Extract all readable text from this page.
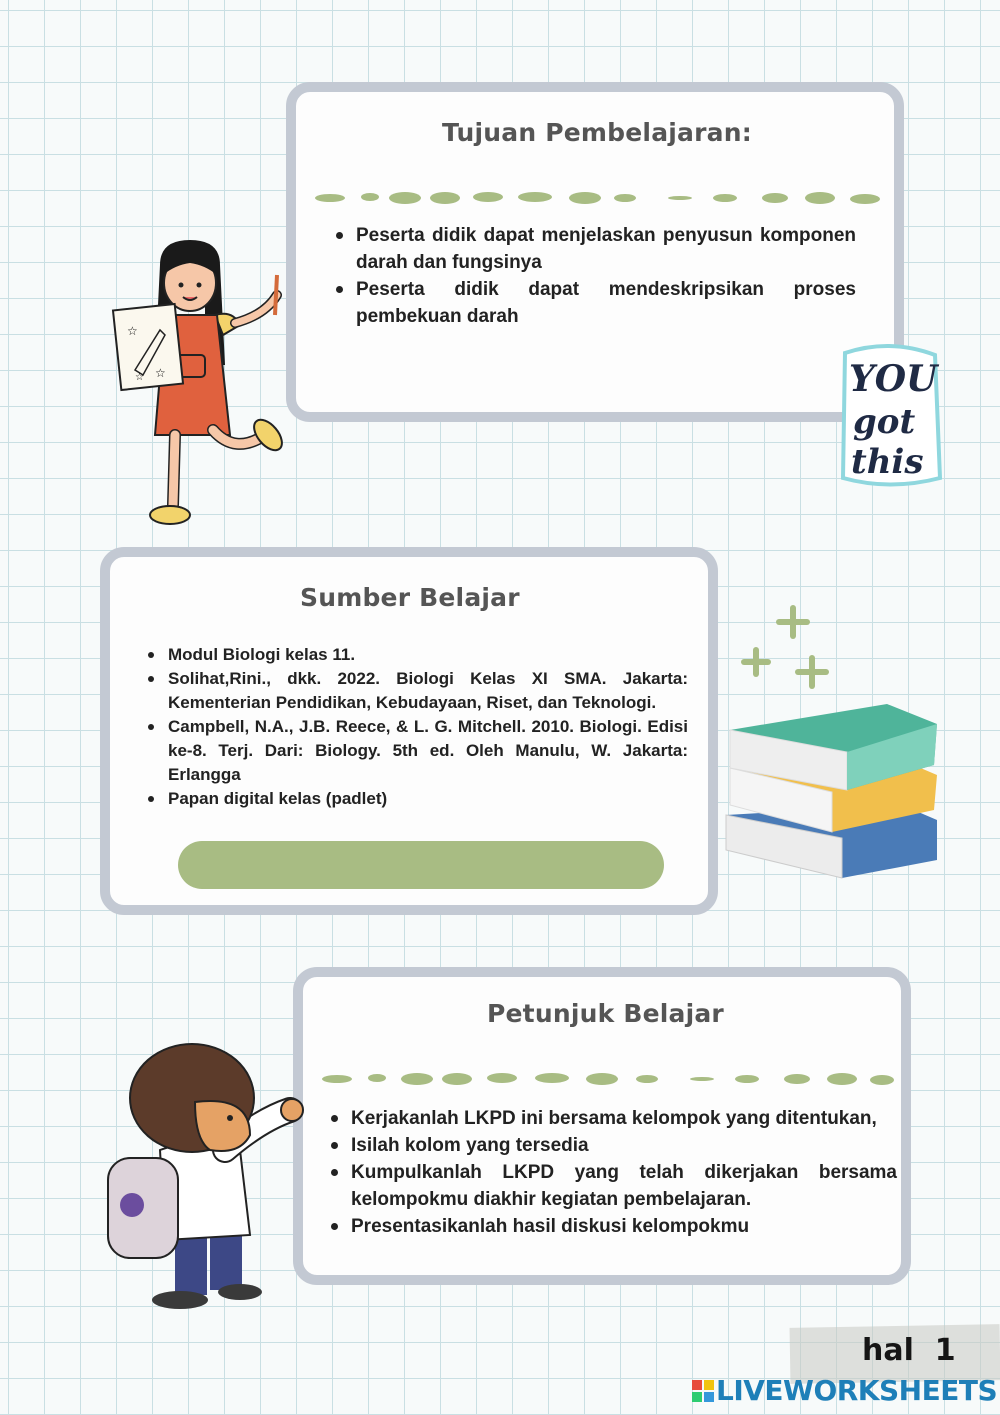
Tujuan Pembelajaran:
Peserta didik dapat menjelaskan penyusun komponen darah dan fungsinya
Peserta didik dapat mendeskripsikan proses pembekuan darah
☆
☆
☆	YOU
got
this
Sumber Belajar
Modul Biologi kelas 11.
Solihat,Rini., dkk. 2022. Biologi Kelas XI SMA. Jakarta: Kementerian Pendidikan, Kebudayaan, Riset, dan Teknologi.
Campbell, N.A., J.B. Reece, & L. G. Mitchell. 2010. Biologi. Edisi ke-8. Terj. Dari: Biology. 5th ed. Oleh Manulu, W. Jakarta: Erlangga
Papan digital kelas (padlet)
Petunjuk Belajar
Kerjakanlah LKPD ini bersama kelompok yang ditentukan,
Isilah kolom yang tersedia
Kumpulkanlah LKPD yang telah dikerjakan bersama kelompokmu diakhir kegiatan pembelajaran.
Presentasikanlah hasil diskusi kelompokmu
hal  1
LIVEWORKSHEETS
